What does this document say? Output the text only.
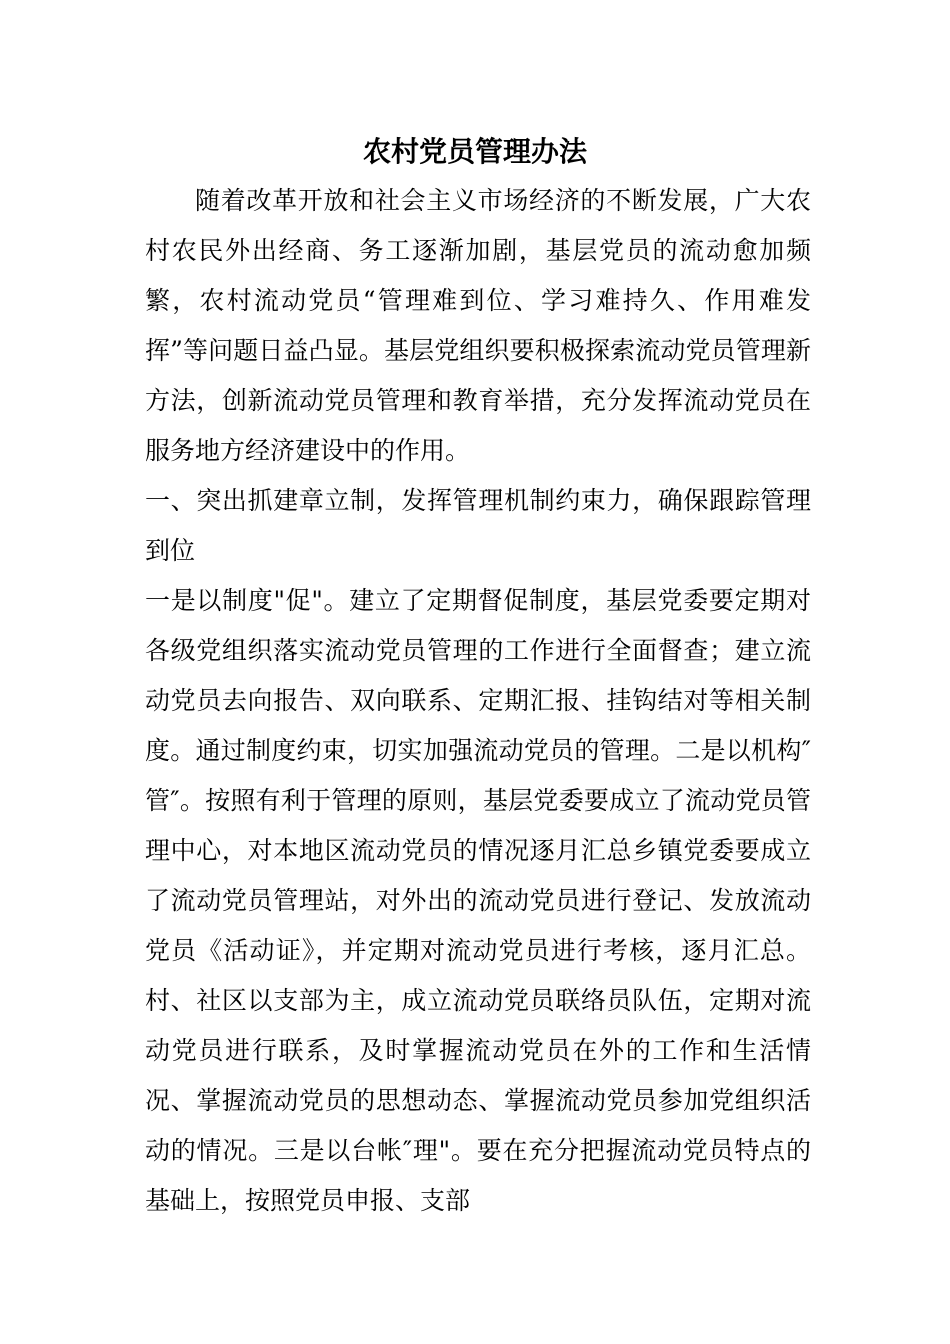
农村党员管理办法

随着改革开放和社会主义市场经济的不断发展，广大农村农民外出经商、务工逐渐加剧，基层党员的流动愈加频繁，农村流动党员“管理难到位、学习难持久、作用难发挥”等问题日益凸显。基层党组织要积极探索流动党员管理新方法，创新流动党员管理和教育举措，充分发挥流动党员在服务地方经济建设中的作用。

一、突出抓建章立制，发挥管理机制约束力，确保跟踪管理到位

一是以制度"促"。建立了定期督促制度，基层党委要定期对各级党组织落实流动党员管理的工作进行全面督查；建立流动党员去向报告、双向联系、定期汇报、挂钩结对等相关制度。通过制度约束，切实加强流动党员的管理。二是以机构″管″。按照有利于管理的原则，基层党委要成立了流动党员管理中心，对本地区流动党员的情况逐月汇总乡镇党委要成立了流动党员管理站，对外出的流动党员进行登记、发放流动党员《活动证》，并定期对流动党员进行考核，逐月汇总。村、社区以支部为主，成立流动党员联络员队伍，定期对流动党员进行联系，及时掌握流动党员在外的工作和生活情况、掌握流动党员的思想动态、掌握流动党员参加党组织活动的情况。三是以台帐″理"。要在充分把握流动党员特点的基础上，按照党员申报、支部
